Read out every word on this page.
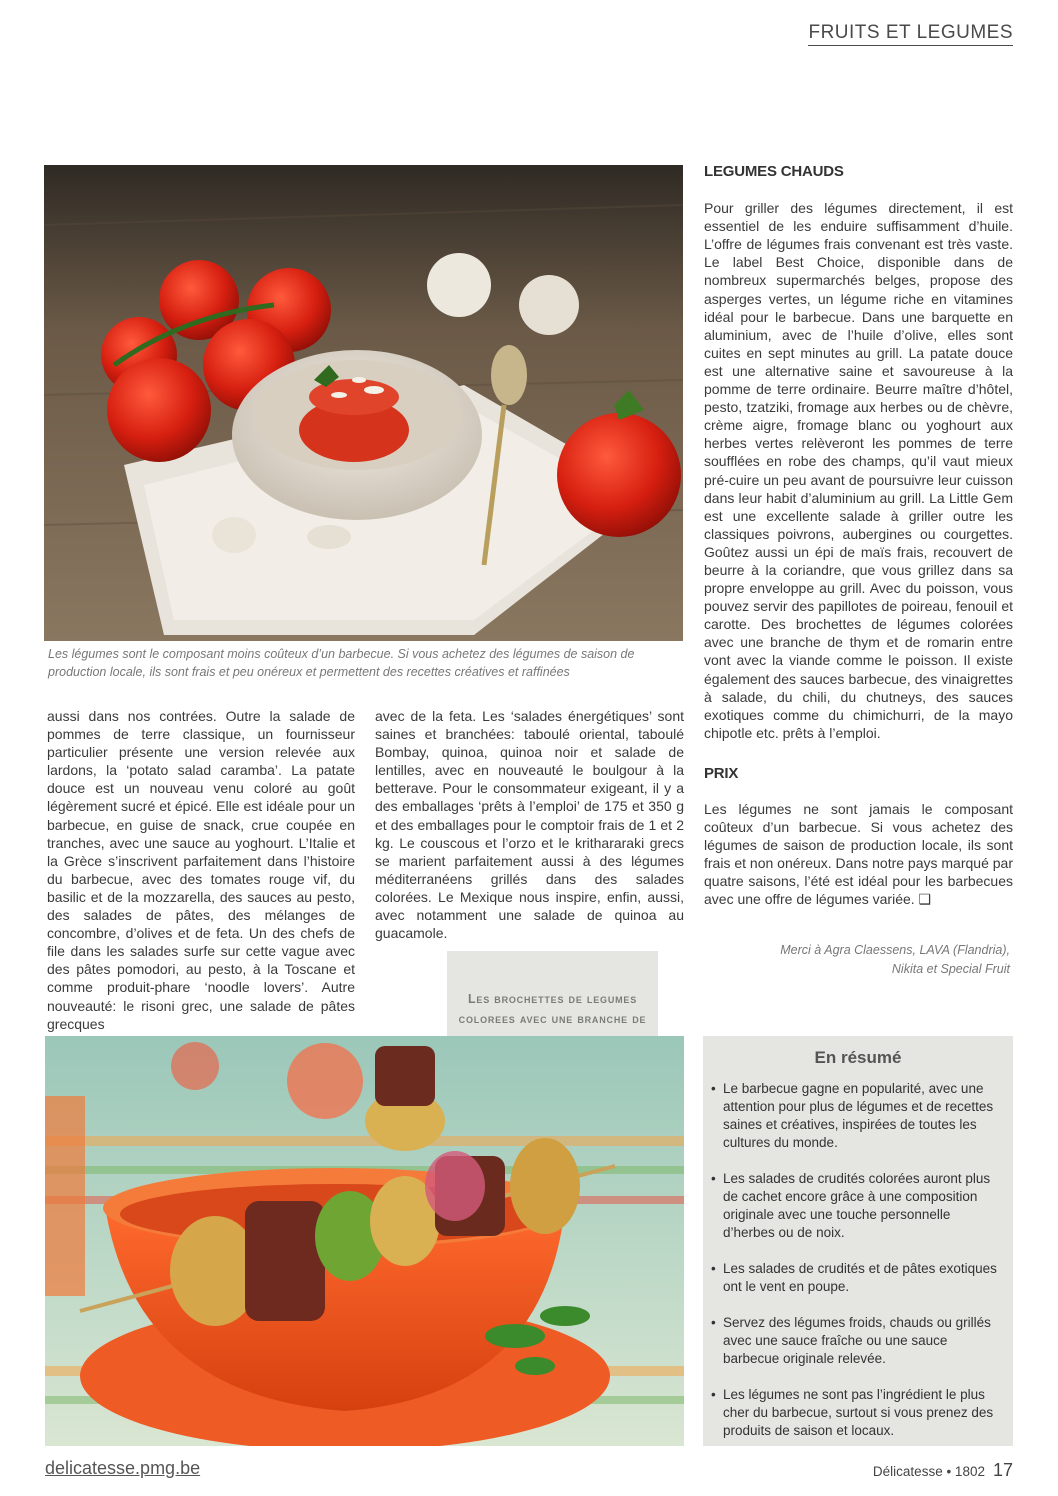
FRUITS ET LEGUMES
Les légumes sont le composant moins coûteux d’un barbecue. Si vous achetez des légumes de saison de production locale, ils sont frais et peu onéreux et permettent des recettes créatives et raffinées

aussi dans nos contrées. Outre la salade de pommes de terre classique, un fournisseur particulier présente une version relevée aux lardons, la ‘potato salad caramba’. La patate douce est un nouveau venu coloré au goût légèrement sucré et épicé. Elle est idéale pour un barbecue, en guise de snack, crue coupée en tranches, avec une sauce au yoghourt. L’Italie et la Grèce s’inscrivent parfaitement dans l’histoire du barbecue, avec des tomates rouge vif, du basilic et de la mozzarella, des sauces au pesto, des salades de pâtes, des mélanges de concombre, d’olives et de feta. Un des chefs de file dans les salades surfe sur cette vague avec des pâtes pomodori, au pesto, à la Toscane et comme produit-phare ‘noodle lovers’. Autre nouveauté: le risoni grec, une salade de pâtes grecques

avec de la feta. Les ‘salades énergétiques’ sont saines et branchées: taboulé oriental, taboulé Bombay, quinoa, quinoa noir et salade de lentilles, avec en nouveauté le boulgour à la betterave. Pour le consommateur exigeant, il y a des emballages ‘prêts à l’emploi’ de 175 et 350 g et des emballages pour le comptoir frais de 1 et 2 kg. Le couscous et l’orzo et le krithararaki grecs se marient parfaitement aussi à des légumes méditerranéens grillés dans des salades colorées. Le Mexique nous inspire, enfin, aussi, avec notamment une salade de quinoa au guacamole.

LEGUMES CHAUDS

Pour griller des légumes directement, il est essentiel de les enduire suffisamment d’huile. L’offre de légumes frais convenant est très vaste. Le label Best Choice, disponible dans de nombreux supermarchés belges, propose des asperges vertes, un légume riche en vitamines idéal pour le barbecue. Dans une barquette en aluminium, avec de l’huile d’olive, elles sont cuites en sept minutes au grill. La patate douce est une alternative saine et savoureuse à la pomme de terre ordinaire. Beurre maître d’hôtel, pesto, tzatziki, fromage aux herbes ou de chèvre, crème aigre, fromage blanc ou yoghourt aux herbes vertes relèveront les pommes de terre soufflées en robe des champs, qu’il vaut mieux pré-cuire un peu avant de poursuivre leur cuisson dans leur habit d’aluminium au grill. La Little Gem est une excellente salade à griller outre les classiques poivrons, aubergines ou courgettes. Goûtez aussi un épi de maïs frais, recouvert de beurre à la coriandre, que vous grillez dans sa propre enveloppe au grill. Avec du poisson, vous pouvez servir des papillotes de poireau, fenouil et carotte. Des brochettes de légumes colorées avec une branche de thym et de romarin entre vont avec la viande comme le poisson. Il existe également des sauces barbecue, des vinaigrettes à salade, du chili, du chutneys, des sauces exotiques comme du chimichurri, de la mayo chipotle etc. prêts à l’emploi.

PRIX

Les légumes ne sont jamais le composant coûteux d’un barbecue. Si vous achetez des légumes de saison de production locale, ils sont frais et non onéreux. Dans notre pays marqué par quatre saisons, l’été est idéal pour les barbecues avec une offre de légumes variée. ❑

Merci à Agra Claessens, LAVA (Flandria),
Nikita et Special Fruit
Les brochettes de legumes colorees avec une branche de
En résumé
• Le barbecue gagne en popularité, avec une attention pour plus de légumes et de recettes saines et créatives, inspirées de toutes les cultures du monde.
• Les salades de crudités colorées auront plus de cachet encore grâce à une composition originale avec une touche personnelle d’herbes ou de noix.
• Les salades de crudités et de pâtes exotiques ont le vent en poupe.
• Servez des légumes froids, chauds ou grillés avec une sauce fraîche ou une sauce barbecue originale relevée.
• Les légumes ne sont pas l’ingrédient le plus cher du barbecue, surtout si vous prenez des produits de saison et locaux.
delicatesse.pmg.be	Délicatesse • 1802 17
